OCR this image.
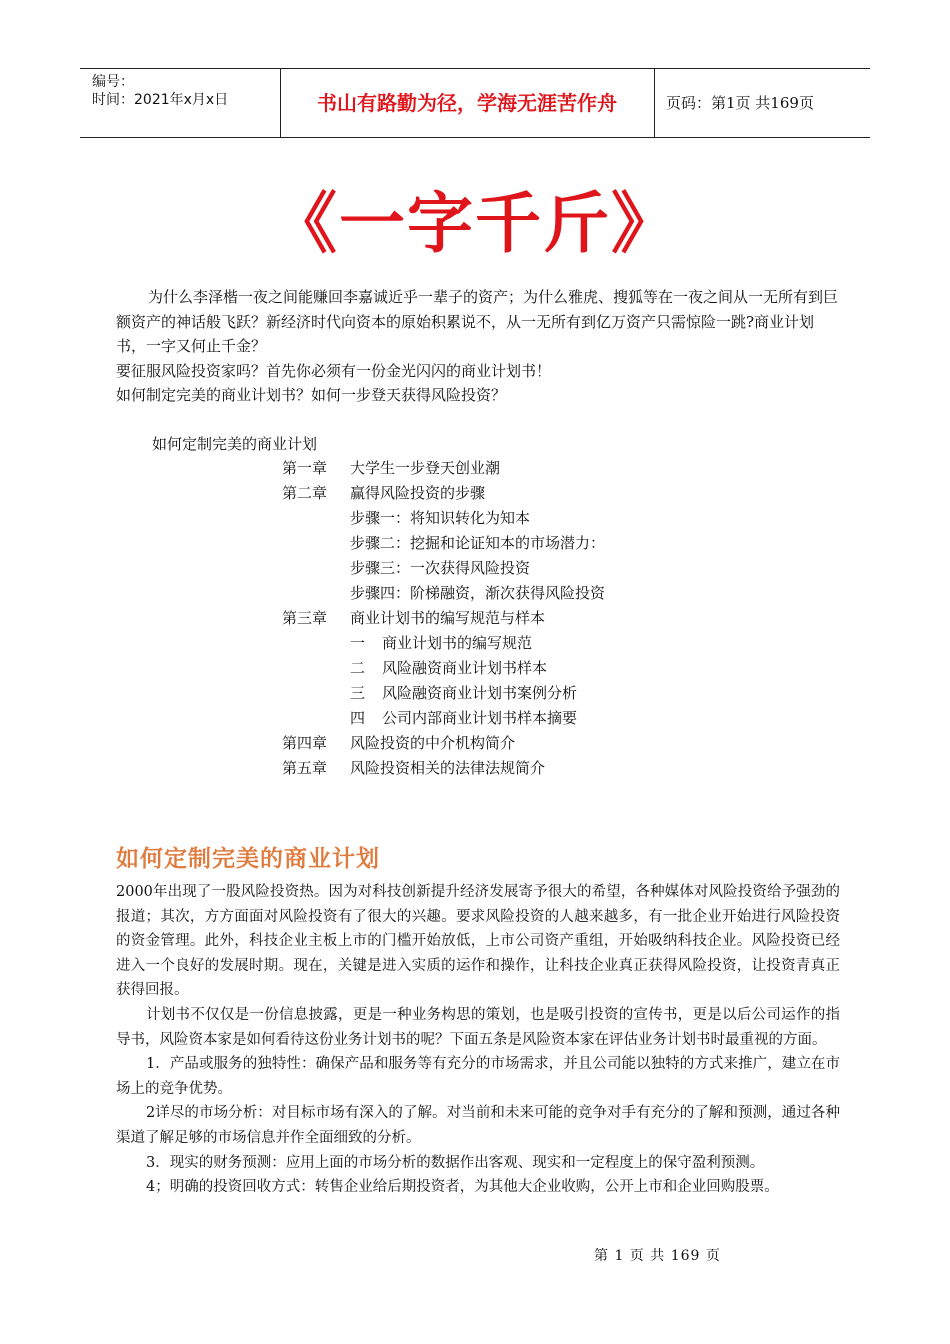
编号：
时间：2021年x月x日	书山有路勤为径，学海无涯苦作舟	页码：第1页 共169页
《一字千斤》
为什么李泽楷一夜之间能赚回李嘉诚近乎一辈子的资产；为什么雅虎、搜狐等在一夜之间从一无所有到巨额资产的神话般飞跃？新经济时代向资本的原始积累说不，从一无所有到亿万资产只需惊险一跳?商业计划书，一字又何止千金？
要征服风险投资家吗？首先你必须有一份金光闪闪的商业计划书！
如何制定完美的商业计划书？如何一步登天获得风险投资？
如何定制完美的商业计划
第一章 大学生一步登天创业潮
第二章 赢得风险投资的步骤
步骤一：将知识转化为知本
步骤二：挖掘和论证知本的市场潜力：
步骤三：一次获得风险投资
步骤四：阶梯融资，渐次获得风险投资
第三章 商业计划书的编写规范与样本
一 商业计划书的编写规范
二 风险融资商业计划书样本
三 风险融资商业计划书案例分析
四 公司内部商业计划书样本摘要
第四章 风险投资的中介机构简介
第五章 风险投资相关的法律法规简介
如何定制完美的商业计划

2000年出现了一股风险投资热。因为对科技创新提升经济发展寄予很大的希望，各种媒体对风险投资给予强劲的报道；其次，方方面面对风险投资有了很大的兴趣。要求风险投资的人越来越多，有一批企业开始进行风险投资的资金管理。此外，科技企业主板上市的门槛开始放低，上市公司资产重组，开始吸纳科技企业。风险投资已经进入一个良好的发展时期。现在，关键是进入实质的运作和操作，让科技企业真正获得风险投资，让投资青真正获得回报。

计划书不仅仅是一份信息披露，更是一种业务构思的策划，也是吸引投资的宣传书，更是以后公司运作的指导书，风险资本家是如何看待这份业务计划书的呢？下面五条是风险资本家在评估业务计划书时最重视的方面。

1．产品或服务的独特性：确保产品和服务等有充分的市场需求，并且公司能以独特的方式来推广，建立在市场上的竞争优势。

2详尽的市场分析：对目标市场有深入的了解。对当前和未来可能的竞争对手有充分的了解和预测，通过各种渠道了解足够的市场信息并作全面细致的分析。

3．现实的财务预测：应用上面的市场分析的数据作出客观、现实和一定程度上的保守盈利预测。

4；明确的投资回收方式：转售企业给后期投资者，为其他大企业收购，公开上市和企业回购股票。

第 1 页 共 169 页
